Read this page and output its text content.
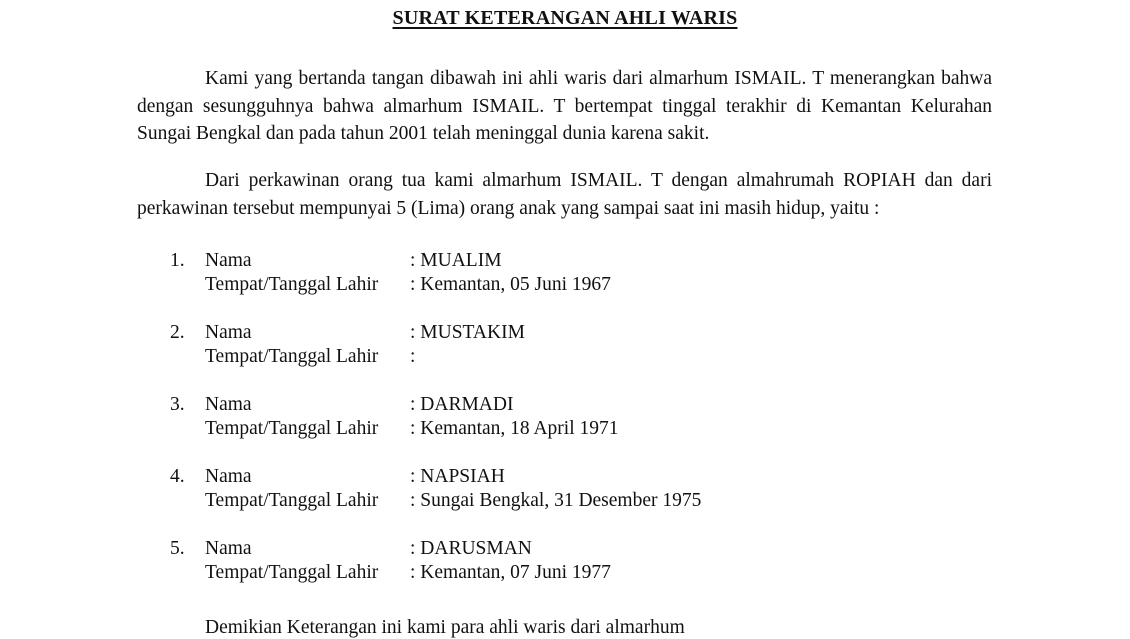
SURAT KETERANGAN AHLI WARIS

Kami yang bertanda tangan dibawah ini ahli waris dari almarhum ISMAIL. T menerangkan bahwa dengan sesungguhnya bahwa almarhum ISMAIL. T bertempat tinggal terakhir di Kemantan Kelurahan Sungai Bengkal dan pada tahun 2001 telah meninggal dunia karena sakit.

Dari perkawinan orang tua kami almarhum ISMAIL. T dengan almahrumah ROPIAH dan dari perkawinan tersebut mempunyai 5 (Lima) orang anak yang sampai saat ini masih hidup, yaitu :

1. Nama	: MUALIM
Tempat/Tanggal Lahir : Kemantan, 05 Juni 1967
2. Nama	: MUSTAKIM
Tempat/Tanggal Lahir :
3. Nama	: DARMADI
Tempat/Tanggal Lahir : Kemantan, 18 April 1971
4. Nama	: NAPSIAH
Tempat/Tanggal Lahir : Sungai Bengkal, 31 Desember 1975
5. Nama	: DARUSMAN
Tempat/Tanggal Lahir : Kemantan, 07 Juni 1977
Demikian Keterangan ini kami para ahli waris dari almarhum
